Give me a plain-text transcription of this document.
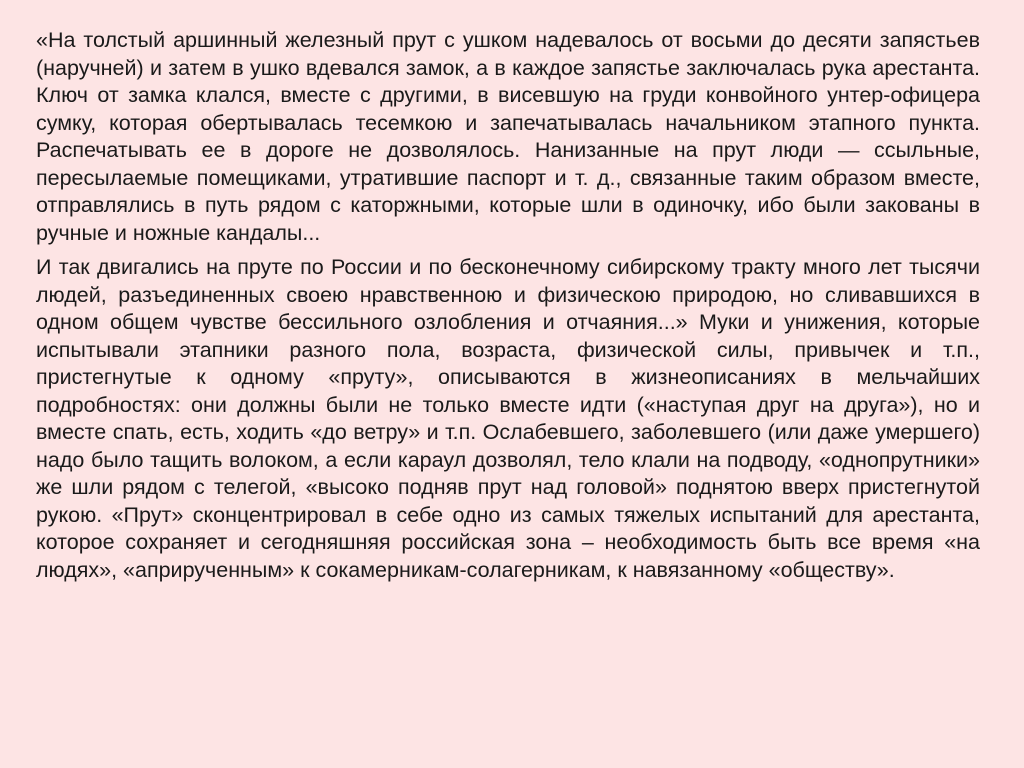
«На толстый аршинный железный прут с ушком надевалось от восьми до десяти запястьев (наручней) и затем в ушко вдевался замок, а в каждое запястье заключалась рука арестанта. Ключ от замка клался, вместе с другими, в висевшую на груди конвойного унтер-офицера сумку, которая обертывалась тесемкою и запечатывалась начальником этапного пункта. Распечатывать ее в дороге не дозволялось. Нанизанные на прут люди — ссыльные, пересылаемые помещиками, утратившие паспорт и т. д., связанные таким образом вместе, отправлялись в путь рядом с каторжными, которые шли в одиночку, ибо были закованы в ручные и ножные кандалы...

И так двигались на пруте по России и по бесконечному сибирскому тракту много лет тысячи людей, разъединенных своею нравственною и физическою природою, но сливавшихся в одном общем чувстве бессильного озлобления и отчаяния...» Муки и унижения, которые испытывали этапники разного пола, возраста, физической силы, привычек и т.п., пристегнутые к одному «пруту», описываются в жизнеописаниях в мельчайших подробностях: они должны были не только вместе идти («наступая друг на друга»), но и вместе спать, есть, ходить «до ветру» и т.п. Ослабевшего, заболевшего (или даже умершего) надо было тащить волоком, а если караул дозволял, тело клали на подводу, «однопрутники» же шли рядом с телегой, «высоко подняв прут над головой» поднятою вверх пристегнутой рукою. «Прут» сконцентрировал в себе одно из самых тяжелых испытаний для арестанта, которое сохраняет и сегодняшняя российская зона – необходимость быть все время «на людях», «априрученным» к сокамерникам-солагерникам, к навязанному «обществу».
